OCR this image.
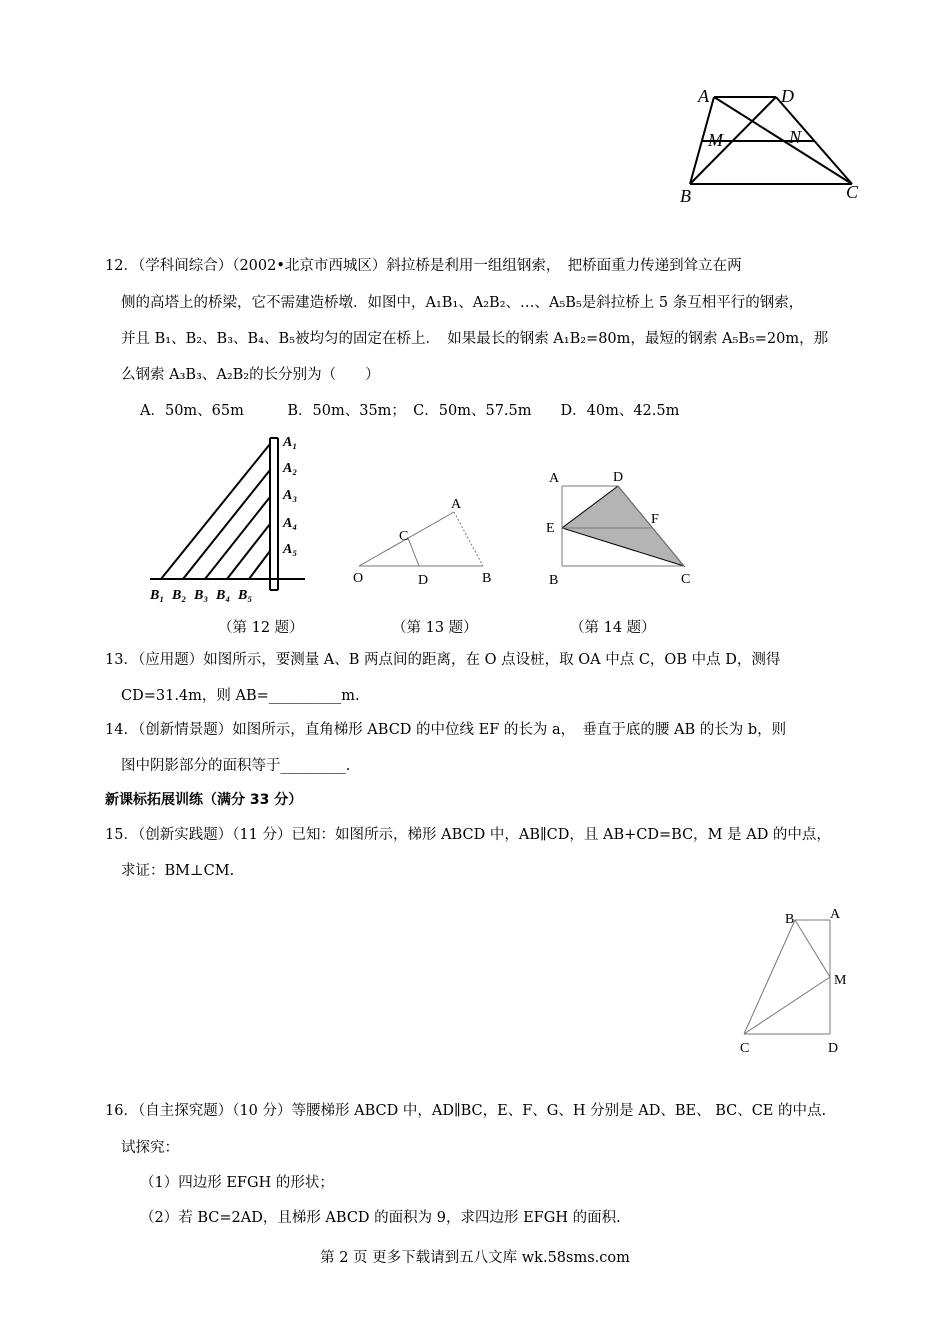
A	D
M	N
B	C
12．（学科间综合）（2002•北京市西城区）斜拉桥是利用一组组钢索，　把桥面重力传递到耸立在两
侧的高塔上的桥梁，它不需建造桥墩．如图中，A₁B₁、A₂B₂、…、A₅B₅是斜拉桥上 5 条互相平行的钢索，
并且 B₁、B₂、B₃、B₄、B₅被均匀的固定在桥上．　如果最长的钢索 A₁B₂=80m，最短的钢索 A₅B₅=20m，那
么钢索 A₃B₃、A₂B₂的长分别为（　　）
A．50m、65m　　　B．50m、35m；　C．50m、57.5m　　D．40m、42.5m
A₁
A₂
A₃
A₄
A₅
B₁ B₂ B₃ B₄ B₅
A
C
O	D	B
A	D
E
F
B	C
（第 12 题）	（第 13 题）	（第 14 题）
13．（应用题）如图所示，要测量 A、B 两点间的距离，在 O 点设桩，取 OA 中点 C，OB 中点 D，测得
CD=31.4m，则 AB=__________m.
14．（创新情景题）如图所示，直角梯形 ABCD 的中位线 EF 的长为 a，　垂直于底的腰 AB 的长为 b，则
图中阴影部分的面积等于_________.
新课标拓展训练（满分 33 分）
15．（创新实践题）（11 分）已知：如图所示，梯形 ABCD 中，AB∥CD，且 AB+CD=BC，M 是 AD 的中点，
求证：BM⊥CM.
B	A
M
C	D
16．（自主探究题）（10 分）等腰梯形 ABCD 中，AD∥BC，E、F、G、H 分别是 AD、BE、 BC、CE 的中点.
试探究：
（1）四边形 EFGH 的形状；
（2）若 BC=2AD，且梯形 ABCD 的面积为 9，求四边形 EFGH 的面积.
第 2 页 更多下载请到五八文库 wk.58sms.com
